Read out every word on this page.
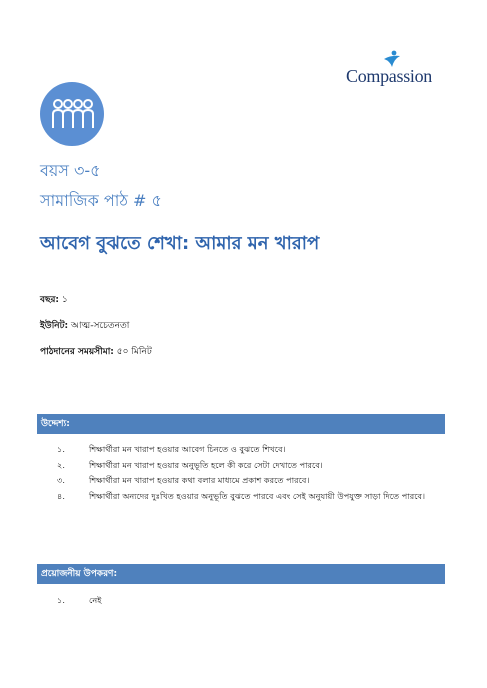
Compassion
বয়স ৩-৫
সামাজিক পাঠ # ৫
আবেগ বুঝতে শেখা: আমার মন খারাপ
বছর: ১
ইউনিট: আত্ম-সচেতনতা
পাঠদানের সময়সীমা: ৫০ মিনিট
উদ্দেশ্য:
১.	শিক্ষার্থীরা মন খারাপ হওয়ার আবেগ চিনতে ও বুঝতে শিখবে।
২.	শিক্ষার্থীরা মন খারাপ হওয়ার অনুভূতি হলে কী করে সেটা দেখাতে পারবে।
৩.	শিক্ষার্থীরা মন খারাপ হওয়ার কথা বলার মাধ্যমে প্রকাশ করতে পারবে।
৪.	শিক্ষার্থীরা অন্যদের দুঃখিত হওয়ার অনুভূতি বুঝতে পারবে এবং সেই অনুযায়ী উপযুক্ত সাড়া দিতে পারবে।
প্রয়োজনীয় উপকরণ:
১.	নেই
